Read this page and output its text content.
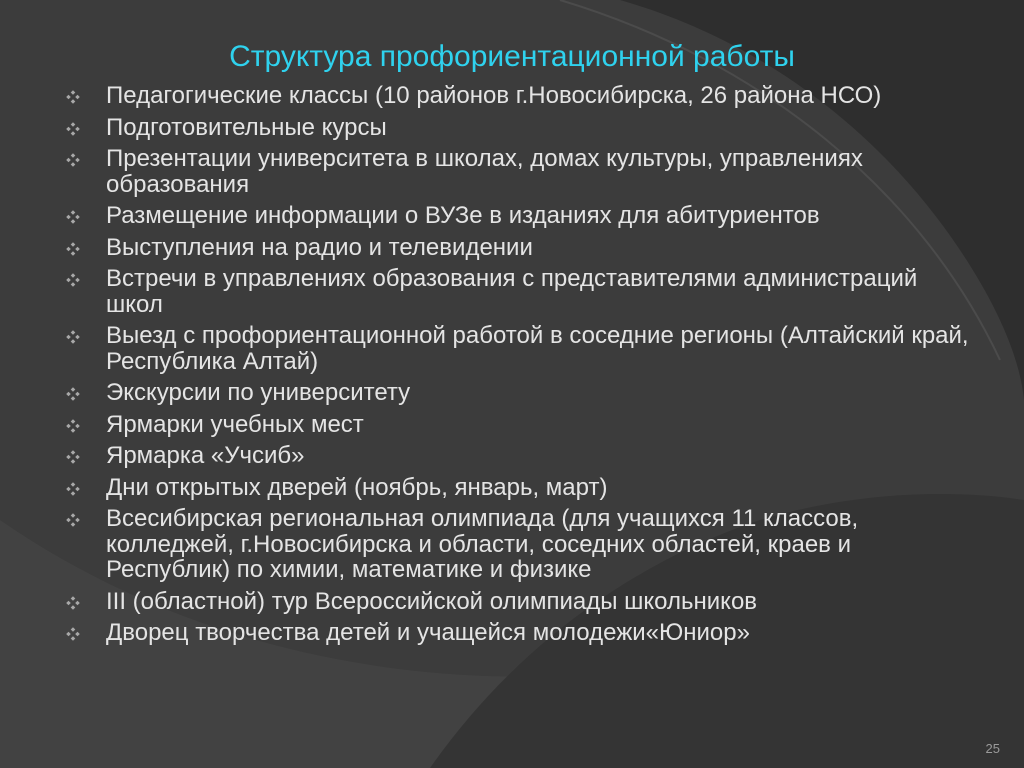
Структура профориентационной работы
Педагогические классы (10 районов г.Новосибирска, 26 района НСО)
Подготовительные курсы
Презентации университета в школах, домах культуры, управлениях образования
Размещение информации о ВУЗе в изданиях для абитуриентов
Выступления на радио и телевидении
Встречи в управлениях образования с представителями администраций школ
Выезд с профориентационной работой в соседние регионы (Алтайский край, Республика Алтай)
Экскурсии по университету
Ярмарки учебных мест
Ярмарка «Учсиб»
Дни открытых дверей (ноябрь, январь, март)
Всесибирская региональная олимпиада (для учащихся 11 классов, колледжей, г.Новосибирска и области, соседних областей, краев и Республик) по химии, математике и физике
III (областной) тур Всероссийской олимпиады школьников
Дворец творчества детей и учащейся молодежи«Юниор»
25
